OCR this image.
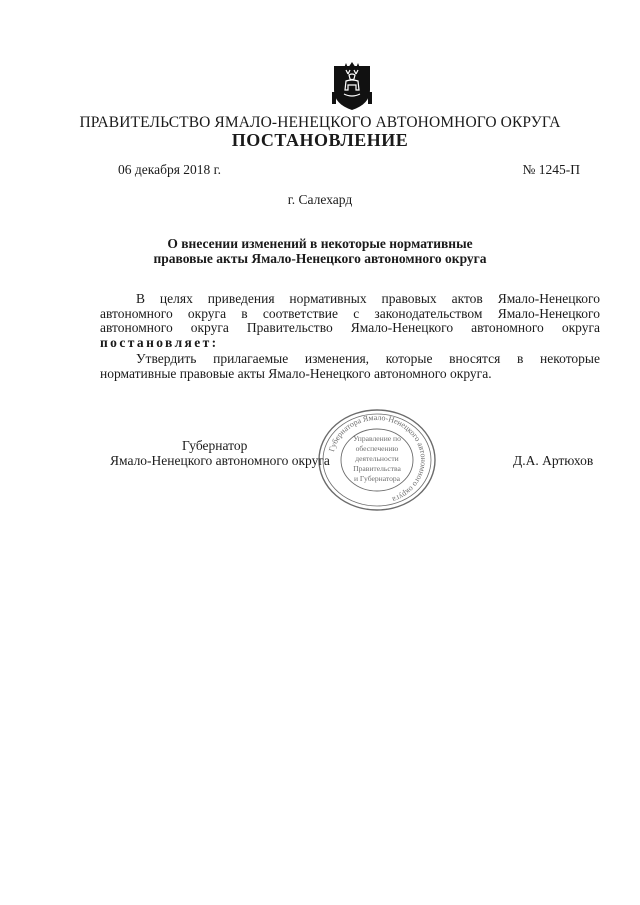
ПРАВИТЕЛЬСТВО ЯМАЛО-НЕНЕЦКОГО АВТОНОМНОГО ОКРУГА
ПОСТАНОВЛЕНИЕ
06 декабря 2018 г.	№ 1245-П
г. Салехард
О внесении изменений в некоторые нормативные
правовые акты Ямало-Ненецкого автономного округа
В целях приведения нормативных правовых актов Ямало-Ненецкого
автономного округа в соответствие с законодательством Ямало-Ненецкого
автономного округа Правительство Ямало-Ненецкого автономного округа
постановляет:
Утвердить прилагаемые изменения, которые вносятся в некоторые
нормативные правовые акты Ямало-Ненецкого автономного округа.
Губернатор
Ямало-Ненецкого автономного округа	Д.А. Артюхов
Губернатора Ямало-Ненецкого автономного округа
Управление по
обеспечению
деятельности
Правительства
и Губернатора
